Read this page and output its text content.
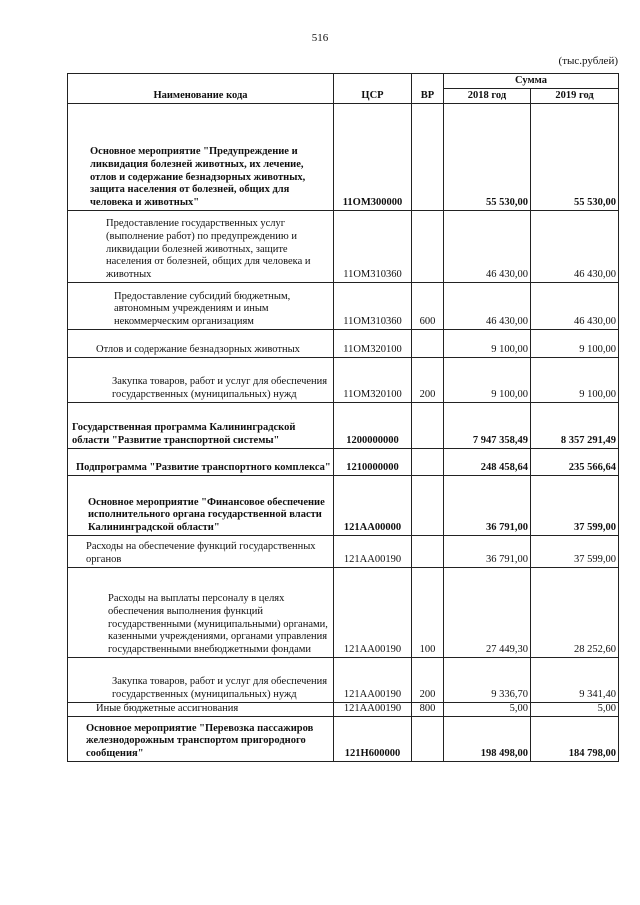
516
(тыс.рублей)
Наименование кода	ЦСР	ВР	Сумма	
			2018 год	2019 год
Основное мероприятие "Предупреждение и ликвидация болезней животных, их лечение, отлов и содержание безнадзорных животных, защита населения от болезней, общих для человека и животных"	11ОМ300000		55 530,00	55 530,00
Предоставление государственных услуг (выполнение работ) по предупреждению и ликвидации болезней животных, защите населения от болезней, общих для человека и животных	11ОМ310360		46 430,00	46 430,00
Предоставление субсидий бюджетным, автономным учреждениям и иным некоммерческим организациям	11ОМ310360	600	46 430,00	46 430,00
Отлов и содержание безнадзорных животных	11ОМ320100		9 100,00	9 100,00
Закупка товаров, работ и услуг для обеспечения государственных (муниципальных) нужд	11ОМ320100	200	9 100,00	9 100,00
Государственная программа Калининградской области "Развитие транспортной системы"	1200000000		7 947 358,49	8 357 291,49
Подпрограмма "Развитие транспортного комплекса"	1210000000		248 458,64	235 566,64
Основное мероприятие "Финансовое обеспечение исполнительного органа государственной власти Калининградской области"	121АА00000		36 791,00	37 599,00
Расходы на обеспечение функций государственных органов	121АА00190		36 791,00	37 599,00
Расходы на выплаты персоналу в целях обеспечения выполнения функций государственными (муниципальными) органами, казенными учреждениями, органами управления государственными внебюджетными фондами	121АА00190	100	27 449,30	28 252,60
Закупка товаров, работ и услуг для обеспечения государственных (муниципальных) нужд	121АА00190	200	9 336,70	9 341,40
Иные бюджетные ассигнования	121АА00190	800	5,00	5,00
Основное мероприятие "Перевозка пассажиров железнодорожным транспортом пригородного сообщения"	121Н600000		198 498,00	184 798,00
